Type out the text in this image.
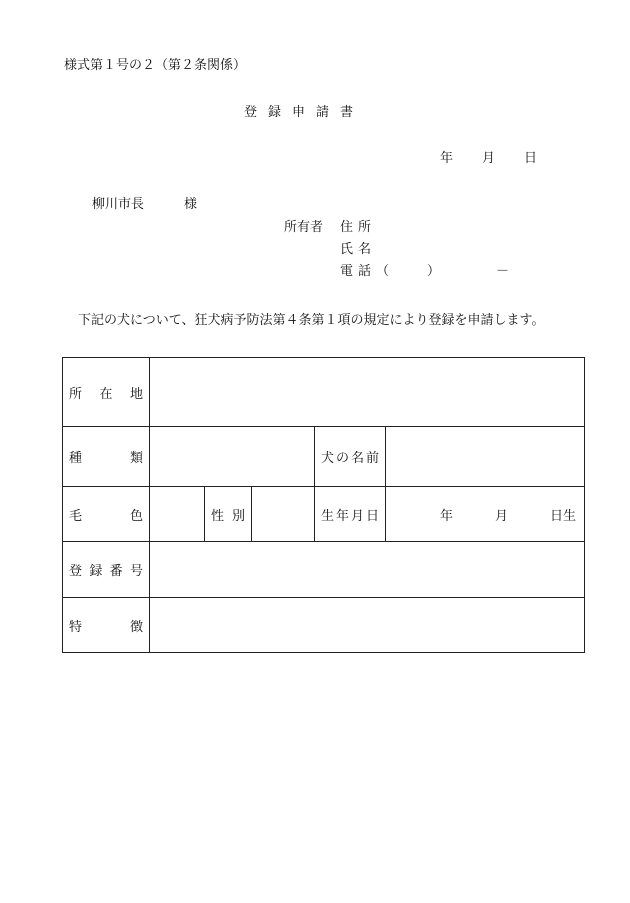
様式第１号の２（第２条関係）
登録申請書
年 月 日
柳川市長	様
所有者 住所
氏名
電話（	）	－
下記の犬について、狂犬病予防法第４条第１項の規定により登録を申請します。
所 在 地					

種 類				犬 の 名 前	

毛 色		性 別		生 年 月 日	年 月 日生

登 録 番 号					

特 徴					
